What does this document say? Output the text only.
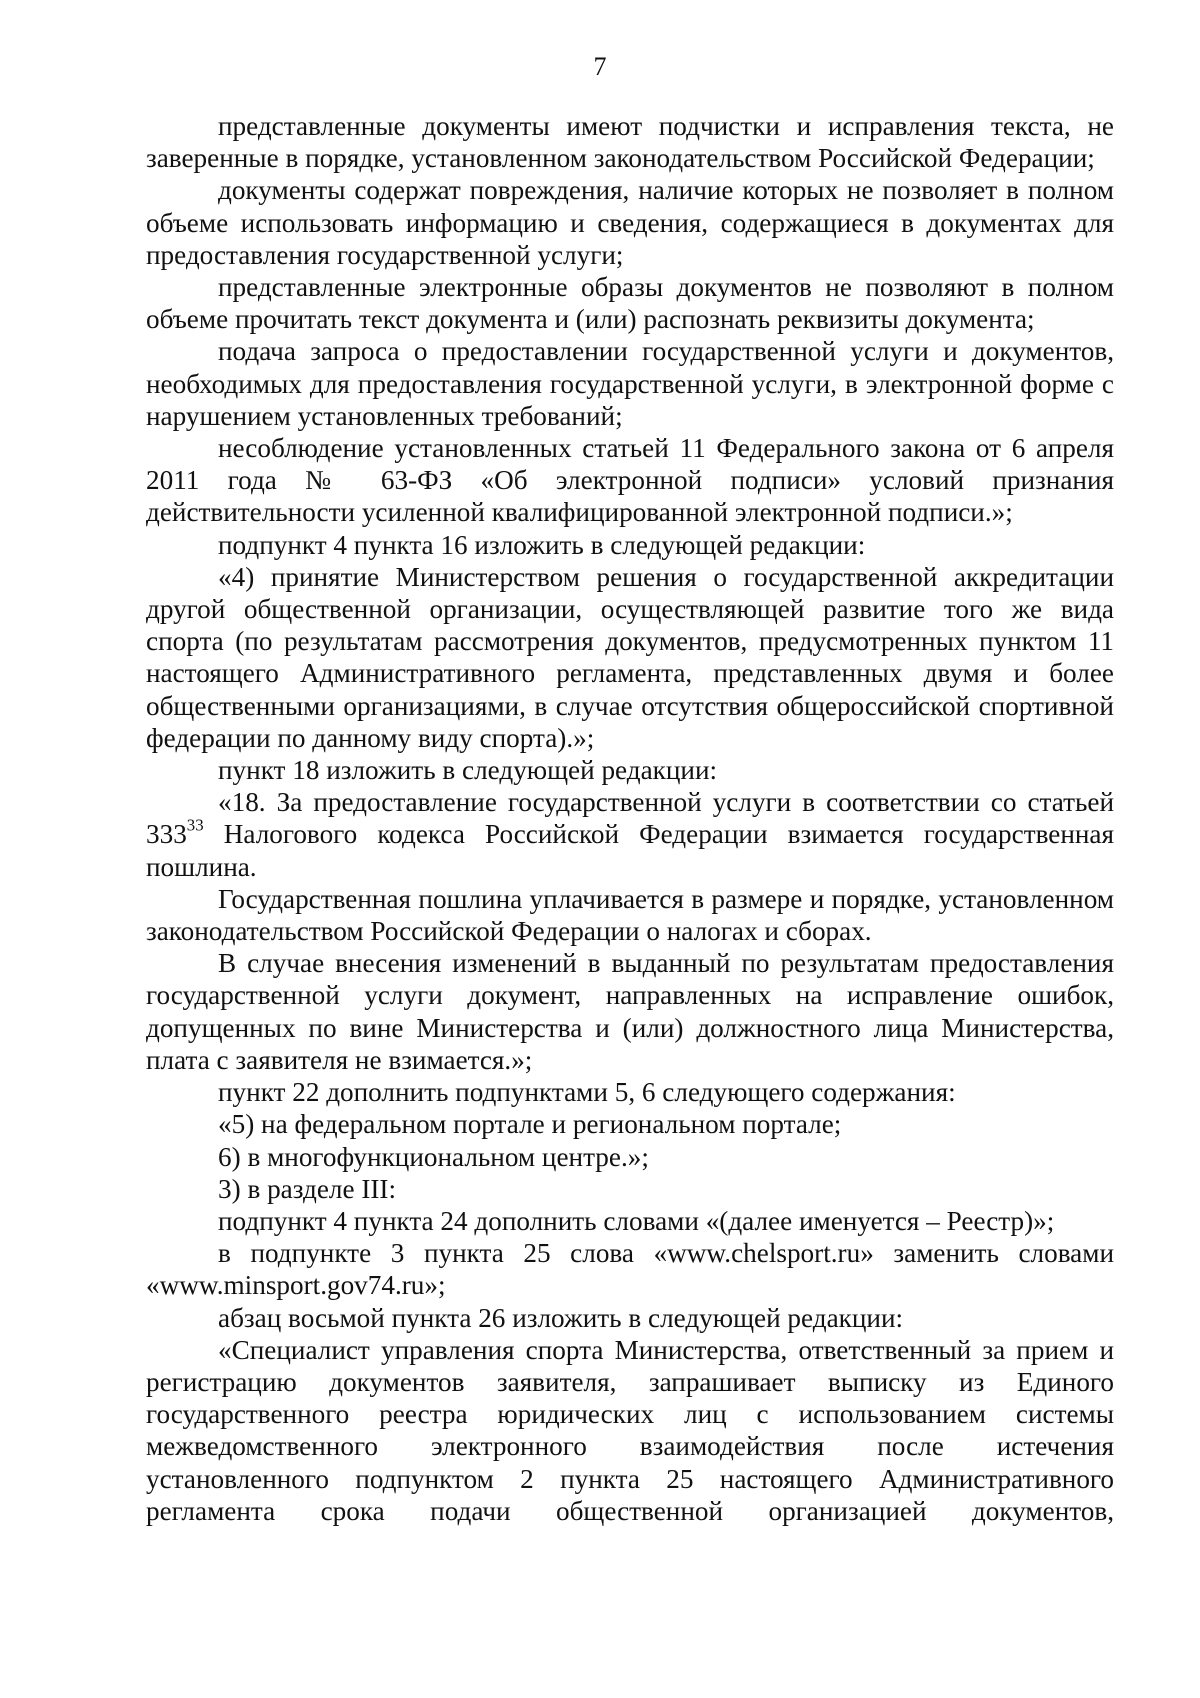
7

представленные документы имеют подчистки и исправления текста, не заверенные в порядке, установленном законодательством Российской Федерации;

документы содержат повреждения, наличие которых не позволяет в полном объеме использовать информацию и сведения, содержащиеся в документах для предоставления государственной услуги;

представленные электронные образы документов не позволяют в полном объеме прочитать текст документа и (или) распознать реквизиты документа;

подача запроса о предоставлении государственной услуги и документов, необходимых для предоставления государственной услуги, в электронной форме с нарушением установленных требований;

несоблюдение установленных статьей 11 Федерального закона от 6 апреля 2011 года № 63-ФЗ «Об электронной подписи» условий признания действительности усиленной квалифицированной электронной подписи.»;

подпункт 4 пункта 16 изложить в следующей редакции:

«4) принятие Министерством решения о государственной аккредитации другой общественной организации, осуществляющей развитие того же вида спорта (по результатам рассмотрения документов, предусмотренных пунктом 11 настоящего Административного регламента, представленных двумя и более общественными организациями, в случае отсутствия общероссийской спортивной федерации по данному виду спорта).»;

пункт 18 изложить в следующей редакции:

«18. За предоставление государственной услуги в соответствии со статьей $333^{33}$ Налогового кодекса Российской Федерации взимается государственная пошлина.

Государственная пошлина уплачивается в размере и порядке, установленном законодательством Российской Федерации о налогах и сборах.

В случае внесения изменений в выданный по результатам предоставления государственной услуги документ, направленных на исправление ошибок, допущенных по вине Министерства и (или) должностного лица Министерства, плата с заявителя не взимается.»;

пункт 22 дополнить подпунктами 5, 6 следующего содержания:

«5) на федеральном портале и региональном портале;

6) в многофункциональном центре.»;

3) в разделе III:

подпункт 4 пункта 24 дополнить словами «(далее именуется – Реестр)»;

в подпункте 3 пункта 25 слова «www.chelsport.ru» заменить словами «www.minsport.gov74.ru»;

абзац восьмой пункта 26 изложить в следующей редакции:

«Специалист управления спорта Министерства, ответственный за прием и регистрацию документов заявителя, запрашивает выписку из Единого государственного реестра юридических лиц с использованием системы межведомственного электронного взаимодействия после истечения установленного подпунктом 2 пункта 25 настоящего Административного регламента срока подачи общественной организацией документов,
